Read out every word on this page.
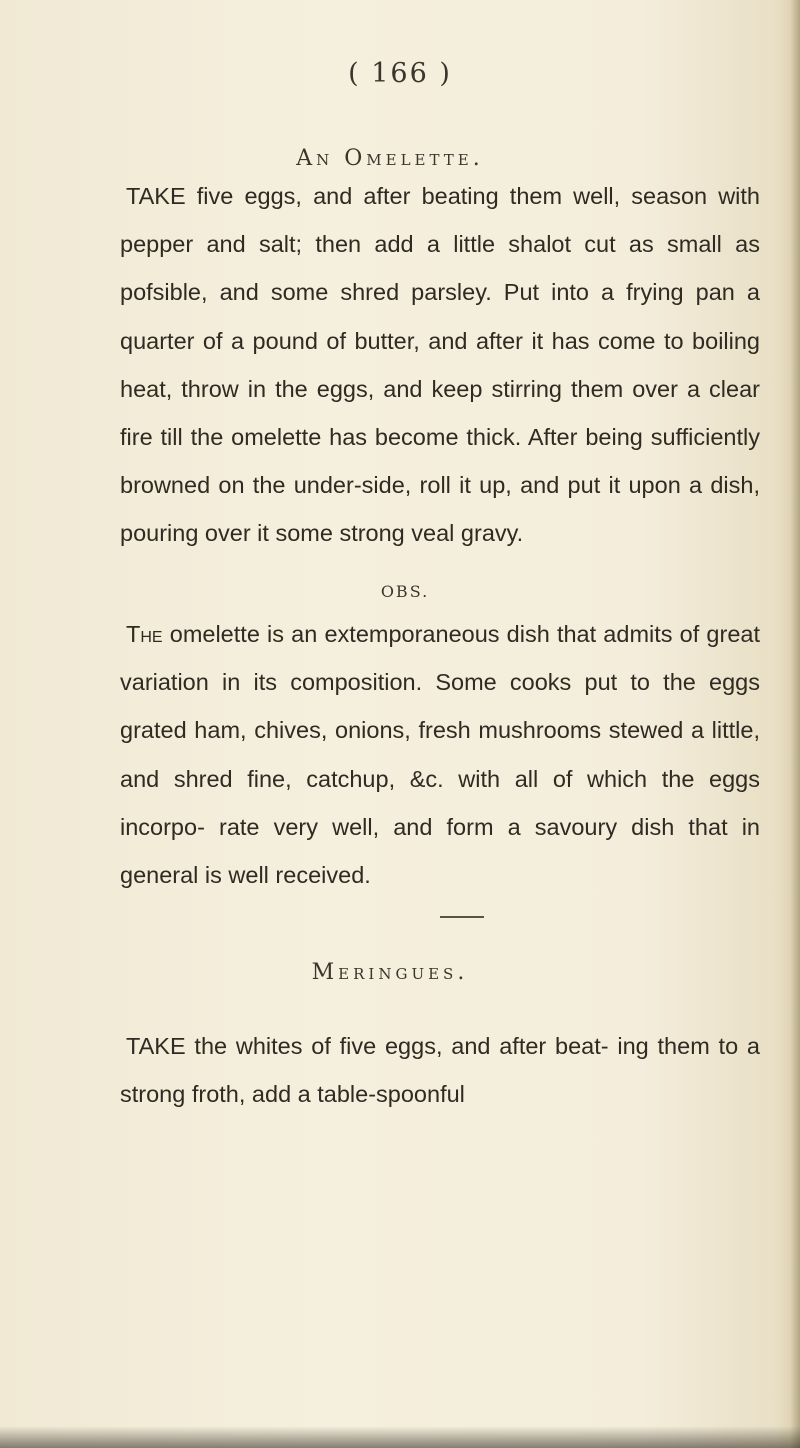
( 166 )
An Omelette.

TAKE five eggs, and after beating them well, season with pepper and salt; then add a little shalot cut as small as pofsible, and some shred parsley. Put into a frying pan a quarter of a pound of butter, and after it has come to boiling heat, throw in the eggs, and keep stirring them over a clear fire till the omelette has become thick. After being sufficiently browned on the under-side, roll it up, and put it upon a dish, pouring over it some strong veal gravy.

OBS.

The omelette is an extemporaneous dish that admits of great variation in its composition. Some cooks put to the eggs grated ham, chives, onions, fresh mushrooms stewed a little, and shred fine, catchup, &c. with all of which the eggs incorpo- rate very well, and form a savoury dish that in general is well received.

Meringues.

TAKE the whites of five eggs, and after beat- ing them to a strong froth, add a table-spoonful
